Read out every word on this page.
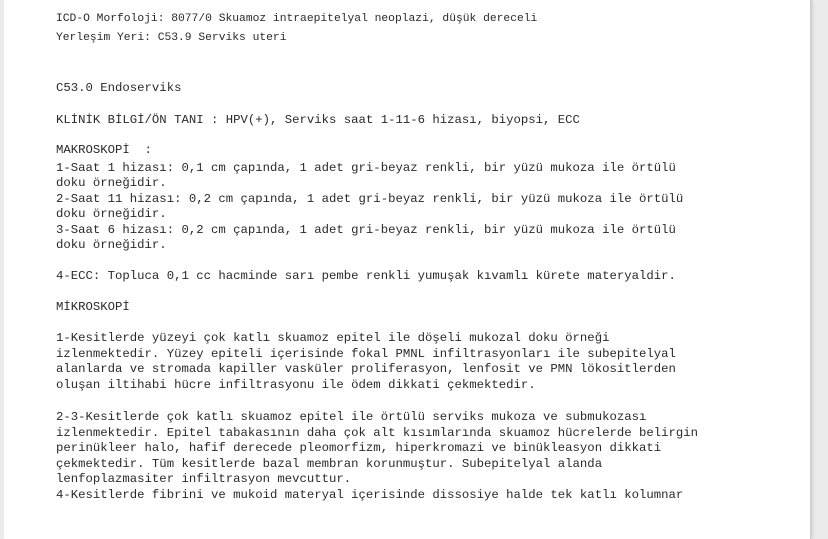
ICD-O Morfoloji: 8077/0 Skuamoz intraepitelyal neoplazi, düşük dereceli

Yerleşim Yeri: C53.9 Serviks uteri

C53.0 Endoserviks

KLİNİK BİLGİ/ÖN TANI : HPV(+), Serviks saat 1-11-6 hizası, biyopsi, ECC

MAKROSKOPİ  :

1-Saat 1 hizası: 0,1 cm çapında, 1 adet gri-beyaz renkli, bir yüzü mukoza ile örtülü

doku örneğidir.

2-Saat 11 hizası: 0,2 cm çapında, 1 adet gri-beyaz renkli, bir yüzü mukoza ile örtülü

doku örneğidir.

3-Saat 6 hizası: 0,2 cm çapında, 1 adet gri-beyaz renkli, bir yüzü mukoza ile örtülü

doku örneğidir.

4-ECC: Topluca 0,1 cc hacminde sarı pembe renkli yumuşak kıvamlı kürete materyaldir.

MİKROSKOPİ

1-Kesitlerde yüzeyi çok katlı skuamoz epitel ile döşeli mukozal doku örneği

izlenmektedir. Yüzey epiteli içerisinde fokal PMNL infiltrasyonları ile subepitelyal

alanlarda ve stromada kapiller vasküler proliferasyon, lenfosit ve PMN lökositlerden

oluşan iltihabi hücre infiltrasyonu ile ödem dikkati çekmektedir.

2-3-Kesitlerde çok katlı skuamoz epitel ile örtülü serviks mukoza ve submukozası

izlenmektedir. Epitel tabakasının daha çok alt kısımlarında skuamoz hücrelerde belirgin

perinükleer halo, hafif derecede pleomorfizm, hiperkromazi ve binükleasyon dikkati

çekmektedir. Tüm kesitlerde bazal membran korunmuştur. Subepitelyal alanda

lenfoplazmasiter infiltrasyon mevcuttur.

4-Kesitlerde fibrini ve mukoid materyal içerisinde dissosiye halde tek katlı kolumnar
